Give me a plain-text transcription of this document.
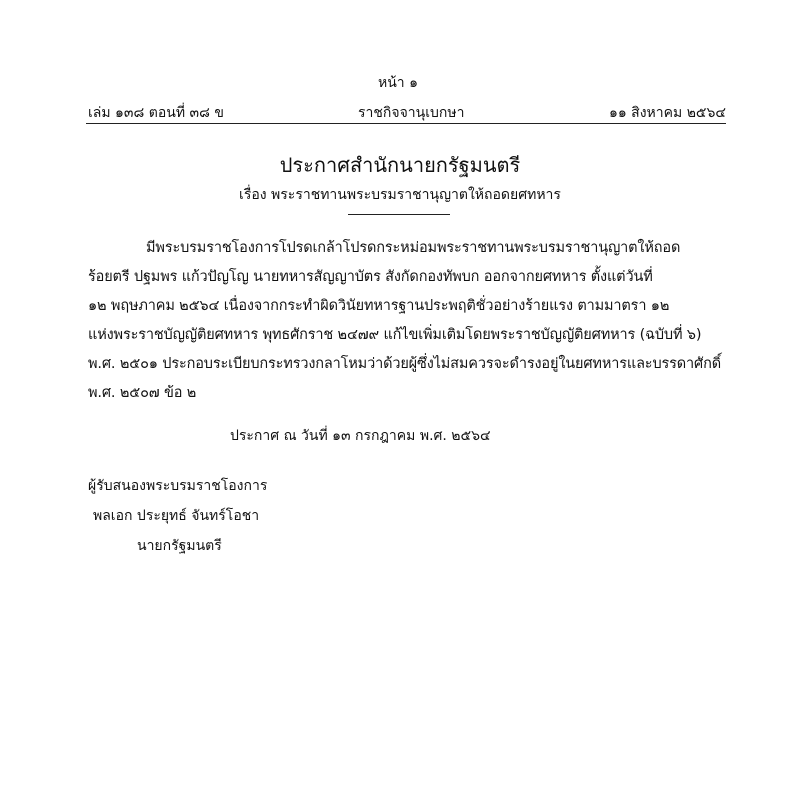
หน้า ๑
เล่ม ๑๓๘ ตอนที่ ๓๘ ข	ราชกิจจานุเบกษา	๑๑ สิงหาคม ๒๕๖๔
ประกาศสำนักนายกรัฐมนตรี
เรื่อง พระราชทานพระบรมราชานุญาตให้ถอดยศทหาร
มีพระบรมราชโองการโปรดเกล้าโปรดกระหม่อมพระราชทานพระบรมราชานุญาตให้ถอด
ร้อยตรี ปฐมพร แก้วปัญโญ นายทหารสัญญาบัตร สังกัดกองทัพบก ออกจากยศทหาร ตั้งแต่วันที่
๑๒ พฤษภาคม ๒๕๖๔ เนื่องจากกระทำผิดวินัยทหารฐานประพฤติชั่วอย่างร้ายแรง ตามมาตรา ๑๒
แห่งพระราชบัญญัติยศทหาร พุทธศักราช ๒๔๗๙ แก้ไขเพิ่มเติมโดยพระราชบัญญัติยศทหาร (ฉบับที่ ๖)
พ.ศ. ๒๕๐๑ ประกอบระเบียบกระทรวงกลาโหมว่าด้วยผู้ซึ่งไม่สมควรจะดำรงอยู่ในยศทหารและบรรดาศักดิ์
พ.ศ. ๒๕๐๗ ข้อ ๒
ประกาศ ณ วันที่ ๑๓ กรกฎาคม พ.ศ. ๒๕๖๔
ผู้รับสนองพระบรมราชโองการ
พลเอก ประยุทธ์ จันทร์โอชา
นายกรัฐมนตรี
